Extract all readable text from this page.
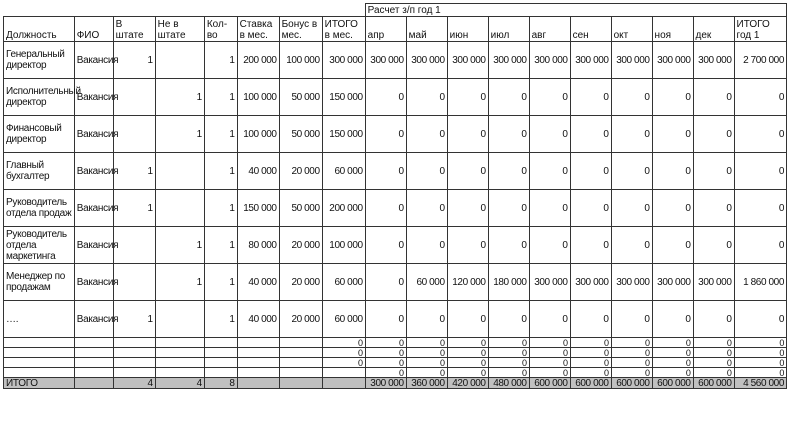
								Расчет з/п год 1									
Должность	ФИО	В штате	Не в штате	Кол-во	Ставка в мес.	Бонус в мес.	ИТОГО в мес.	апр	май	июн	июл	авг	сен	окт	ноя	дек	ИТОГО год 1
Генеральный директор	Вакансия	1		1	200 000	100 000	300 000	300 000	300 000	300 000	300 000	300 000	300 000	300 000	300 000	300 000	2 700 000
Исполнительный директор	Вакансия		1	1	100 000	50 000	150 000	0	0	0	0	0	0	0	0	0	0
Финансовый директор	Вакансия		1	1	100 000	50 000	150 000	0	0	0	0	0	0	0	0	0	0
Главный бухгалтер	Вакансия	1		1	40 000	20 000	60 000	0	0	0	0	0	0	0	0	0	0
Руководитель отдела продаж	Вакансия	1		1	150 000	50 000	200 000	0	0	0	0	0	0	0	0	0	0
Руководитель отдела маркетинга	Вакансия		1	1	80 000	20 000	100 000	0	0	0	0	0	0	0	0	0	0
Менеджер по продажам	Вакансия		1	1	40 000	20 000	60 000	0	60 000	120 000	180 000	300 000	300 000	300 000	300 000	300 000	1 860 000
….	Вакансия	1		1	40 000	20 000	60 000	0	0	0	0	0	0	0	0	0	0
							0	0	0	0	0	0	0	0	0	0	0
							0	0	0	0	0	0	0	0	0	0	0
							0	0	0	0	0	0	0	0	0	0	0
								0	0	0	0	0	0	0	0	0	0
ИТОГО		4	4	8				300 000	360 000	420 000	480 000	600 000	600 000	600 000	600 000	600 000	4 560 000
